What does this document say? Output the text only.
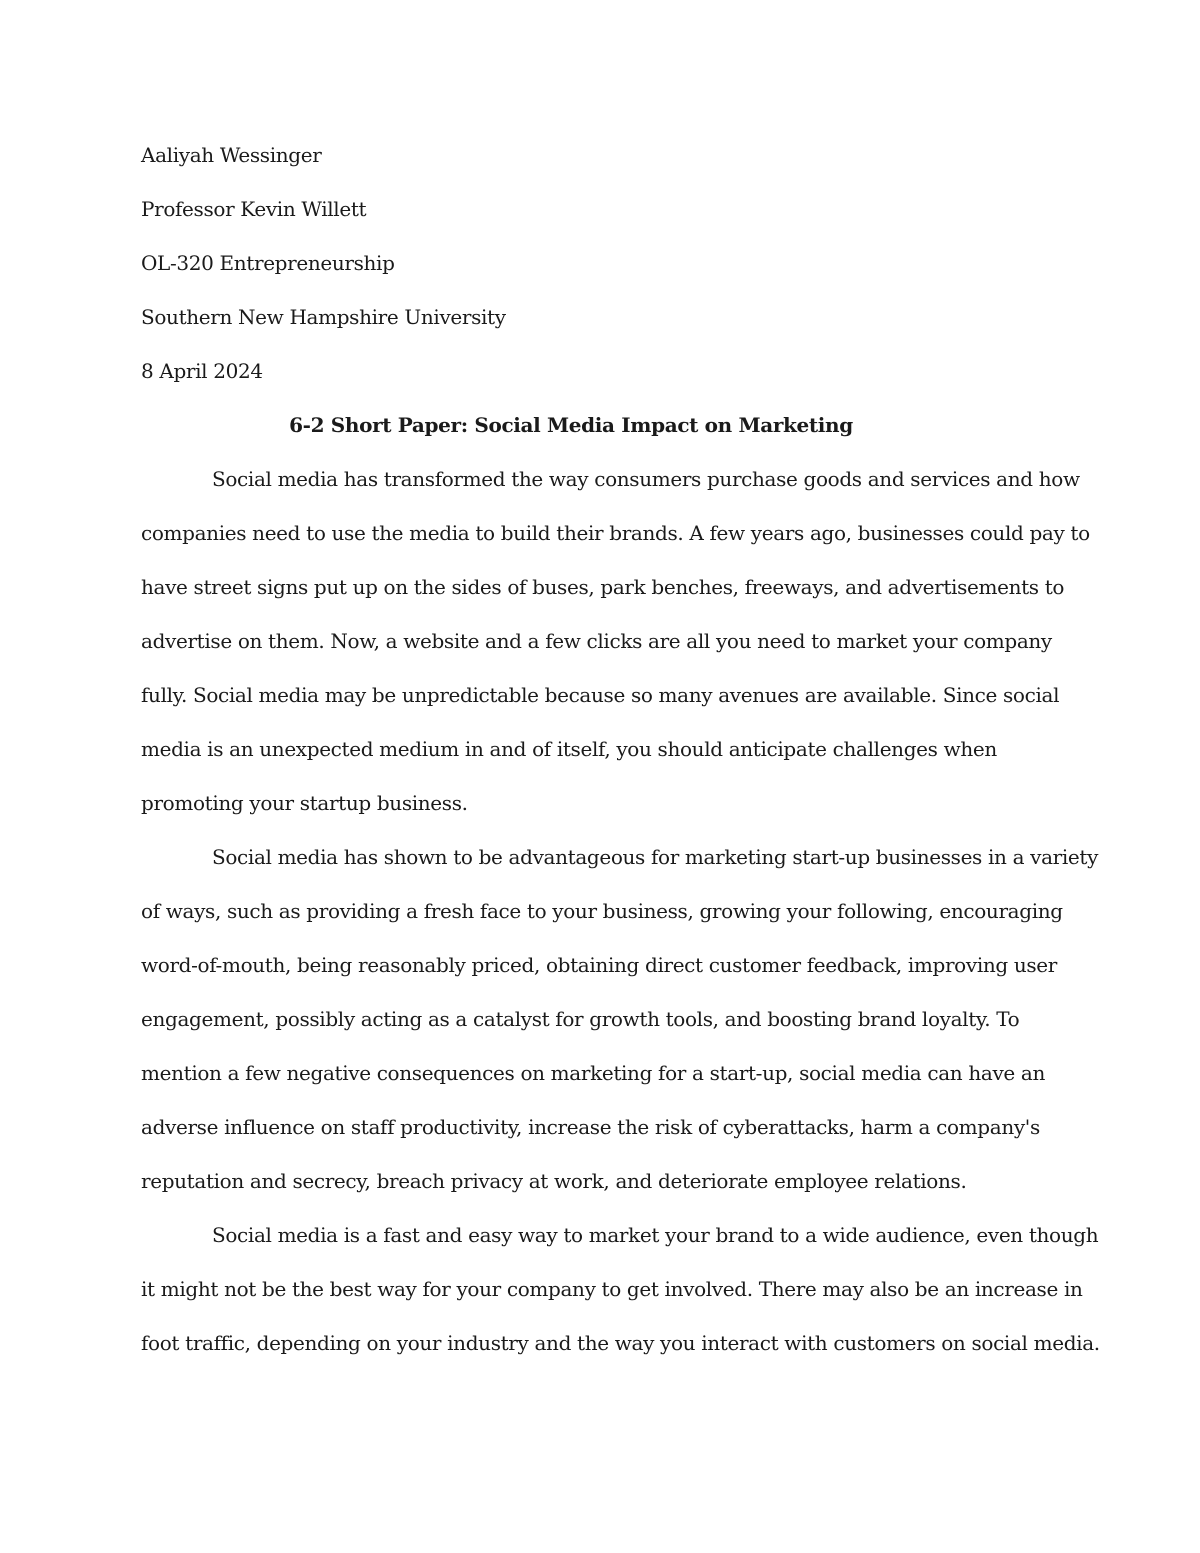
Aaliyah Wessinger
Professor Kevin Willett
OL-320 Entrepreneurship
Southern New Hampshire University
8 April 2024
6-2 Short Paper: Social Media Impact on Marketing
Social media has transformed the way consumers purchase goods and services and how
companies need to use the media to build their brands. A few years ago, businesses could pay to
have street signs put up on the sides of buses, park benches, freeways, and advertisements to
advertise on them. Now, a website and a few clicks are all you need to market your company
fully. Social media may be unpredictable because so many avenues are available. Since social
media is an unexpected medium in and of itself, you should anticipate challenges when
promoting your startup business.
Social media has shown to be advantageous for marketing start-up businesses in a variety
of ways, such as providing a fresh face to your business, growing your following, encouraging
word-of-mouth, being reasonably priced, obtaining direct customer feedback, improving user
engagement, possibly acting as a catalyst for growth tools, and boosting brand loyalty. To
mention a few negative consequences on marketing for a start-up, social media can have an
adverse influence on staff productivity, increase the risk of cyberattacks, harm a company's
reputation and secrecy, breach privacy at work, and deteriorate employee relations.
Social media is a fast and easy way to market your brand to a wide audience, even though
it might not be the best way for your company to get involved. There may also be an increase in
foot traffic, depending on your industry and the way you interact with customers on social media.
